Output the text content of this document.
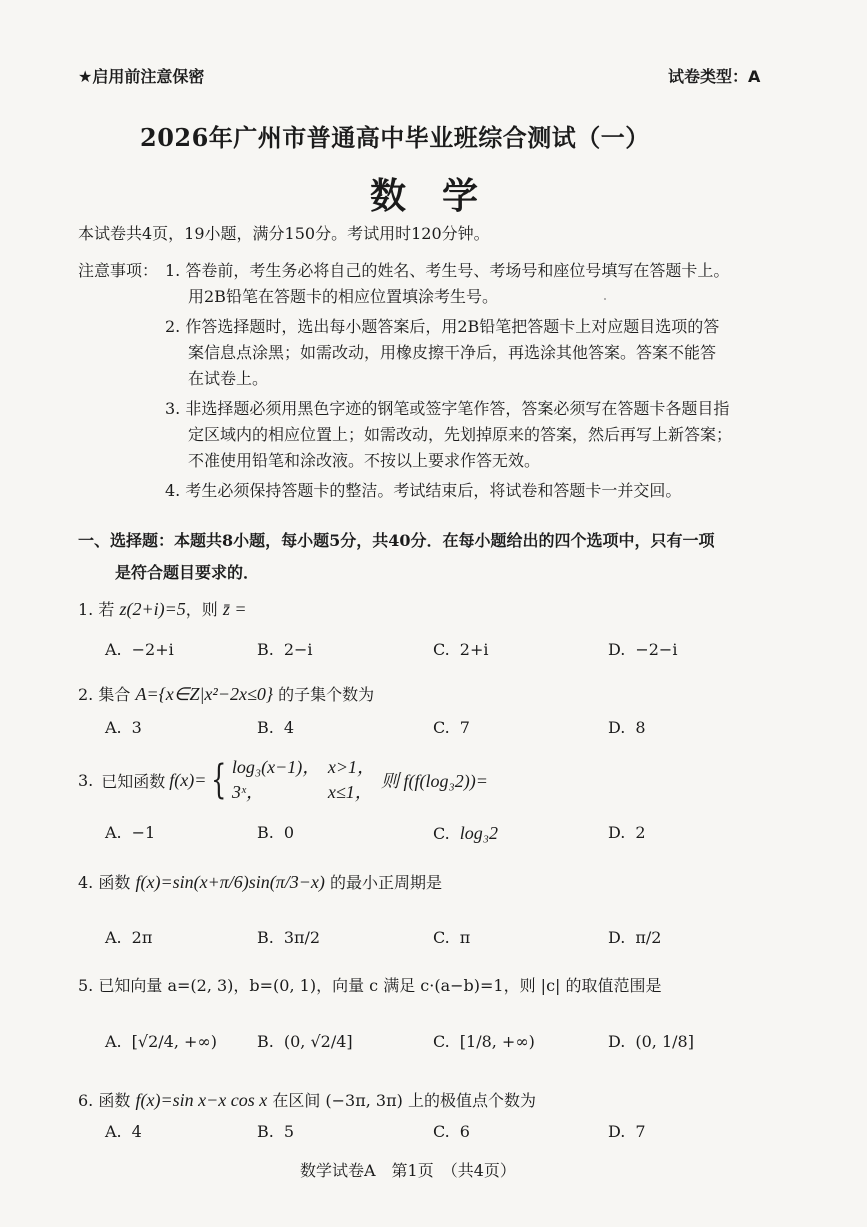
★启用前注意保密	试卷类型：A
2026年广州市普通高中毕业班综合测试（一）
数　学
本试卷共4页，19小题，满分150分。考试用时120分钟。
注意事项： 1. 答卷前，考生务必将自己的姓名、考生号、考场号和座位号填写在答题卡上。
用2B铅笔在答题卡的相应位置填涂考生号。
2. 作答选择题时，选出每小题答案后，用2B铅笔把答题卡上对应题目选项的答
案信息点涂黑；如需改动，用橡皮擦干净后，再选涂其他答案。答案不能答
在试卷上。
3. 非选择题必须用黑色字迹的钢笔或签字笔作答，答案必须写在答题卡各题目指
定区域内的相应位置上；如需改动，先划掉原来的答案，然后再写上新答案；
不准使用铅笔和涂改液。不按以上要求作答无效。
4. 考生必须保持答题卡的整洁。考试结束后，将试卷和答题卡一并交回。
一、选择题：本题共8小题，每小题5分，共40分．在每小题给出的四个选项中，只有一项
是符合题目要求的．
1. 若 z(2+i)=5，则 z̄ =
A. −2+i	B. 2−i	C. 2+i	D. −2−i
2. 集合 A={x∈Z|x²−2x≤0} 的子集个数为
A. 3	B. 4	C. 7	D. 8
3. 已知函数 f(x)= { log₃(x−1)， x>1，
3ˣ，	x≤1，
则 f(f(log₃2))=
A. −1	B. 0	C. log₃2	D. 2
4. 函数 f(x)=sin(x+π/6)sin(π/3−x) 的最小正周期是
A. 2π	B. 3π/2	C. π	D. π/2
5. 已知向量 a=(2, 3)，b=(0, 1)，向量 c 满足 c·(a−b)=1，则 |c| 的取值范围是
A. [√2/4, +∞)	B. (0, √2/4]	C. [1/8, +∞)	D. (0, 1/8]
6. 函数 f(x)=sin x−x cos x 在区间 (−3π, 3π) 上的极值点个数为
A. 4	B. 5	C. 6	D. 7
数学试卷A　第1页　（共4页）
